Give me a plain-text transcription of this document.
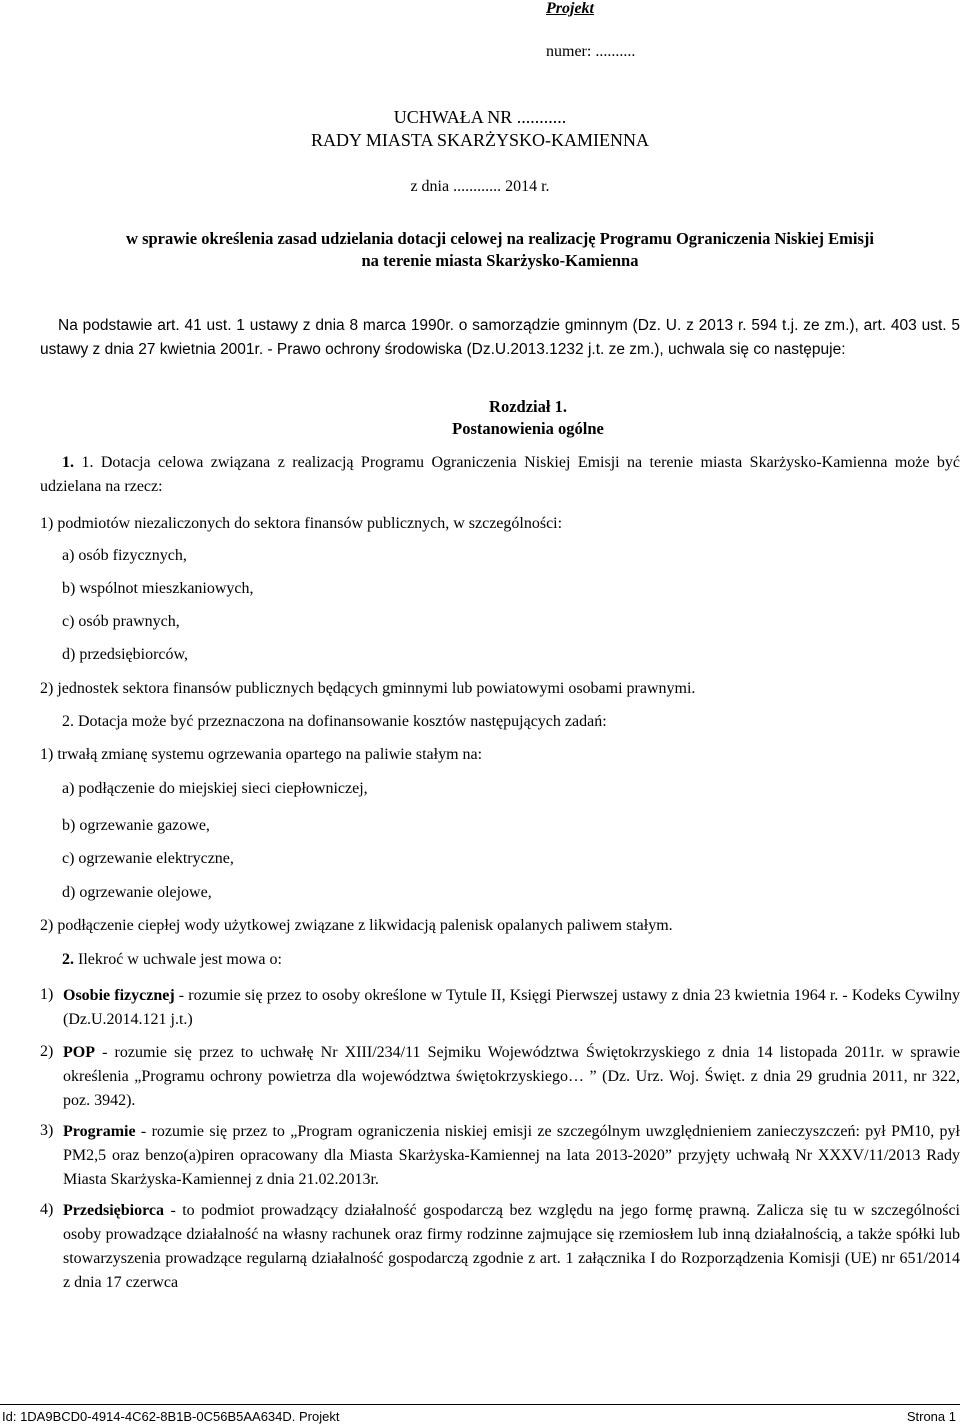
Projekt
numer: ..........
UCHWAŁA NR ...........
RADY MIASTA SKARŻYSKO-KAMIENNA
z dnia ............ 2014 r.
w sprawie określenia zasad udzielania dotacji celowej na realizację Programu Ograniczenia Niskiej Emisji
na terenie miasta Skarżysko-Kamienna
Na podstawie art. 41 ust. 1 ustawy z dnia 8 marca 1990r. o samorządzie gminnym (Dz. U. z 2013 r. 594 t.j. ze zm.), art. 403 ust. 5 ustawy z dnia 27 kwietnia 2001r. - Prawo ochrony środowiska (Dz.U.2013.1232 j.t. ze zm.), uchwala się co następuje:
Rozdział 1.
Postanowienia ogólne
1. 1. Dotacja celowa związana z realizacją Programu Ograniczenia Niskiej Emisji na terenie miasta Skarżysko-Kamienna może być udzielana na rzecz:
1) podmiotów niezaliczonych do sektora finansów publicznych, w szczególności:
a) osób fizycznych,
b) wspólnot mieszkaniowych,
c) osób prawnych,
d) przedsiębiorców,
2) jednostek sektora finansów publicznych będących gminnymi lub powiatowymi osobami prawnymi.
2. Dotacja może być przeznaczona na dofinansowanie kosztów następujących zadań:
1) trwałą zmianę systemu ogrzewania opartego na paliwie stałym na:
a) podłączenie do miejskiej sieci ciepłowniczej,
b) ogrzewanie gazowe,
c) ogrzewanie elektryczne,
d) ogrzewanie olejowe,
2) podłączenie ciepłej wody użytkowej związane z likwidacją palenisk opalanych paliwem stałym.
2. Ilekroć w uchwale jest mowa o:
1) Osobie fizycznej - rozumie się przez to osoby określone w Tytule II, Księgi Pierwszej ustawy z dnia 23 kwietnia 1964 r. - Kodeks Cywilny (Dz.U.2014.121 j.t.)
2) POP - rozumie się przez to uchwałę Nr XIII/234/11 Sejmiku Województwa Świętokrzyskiego z dnia 14 listopada 2011r. w sprawie określenia „Programu ochrony powietrza dla województwa świętokrzyskiego… ” (Dz. Urz. Woj. Święt. z dnia 29 grudnia 2011, nr 322, poz. 3942).
3) Programie - rozumie się przez to „Program ograniczenia niskiej emisji ze szczególnym uwzględnieniem zanieczyszczeń: pył PM10, pył PM2,5 oraz benzo(a)piren opracowany dla Miasta Skarżyska-Kamiennej na lata 2013-2020” przyjęty uchwałą Nr XXXV/11/2013 Rady Miasta Skarżyska-Kamiennej z dnia 21.02.2013r.
4) Przedsiębiorca - to podmiot prowadzący działalność gospodarczą bez względu na jego formę prawną. Zalicza się tu w szczególności osoby prowadzące działalność na własny rachunek oraz firmy rodzinne zajmujące się rzemiosłem lub inną działalnością, a także spółki lub stowarzyszenia prowadzące regularną działalność gospodarczą zgodnie z art. 1 załącznika I do Rozporządzenia Komisji (UE) nr 651/2014 z dnia 17 czerwca
Id: 1DA9BCD0-4914-4C62-8B1B-0C56B5AA634D. Projekt	Strona 1
